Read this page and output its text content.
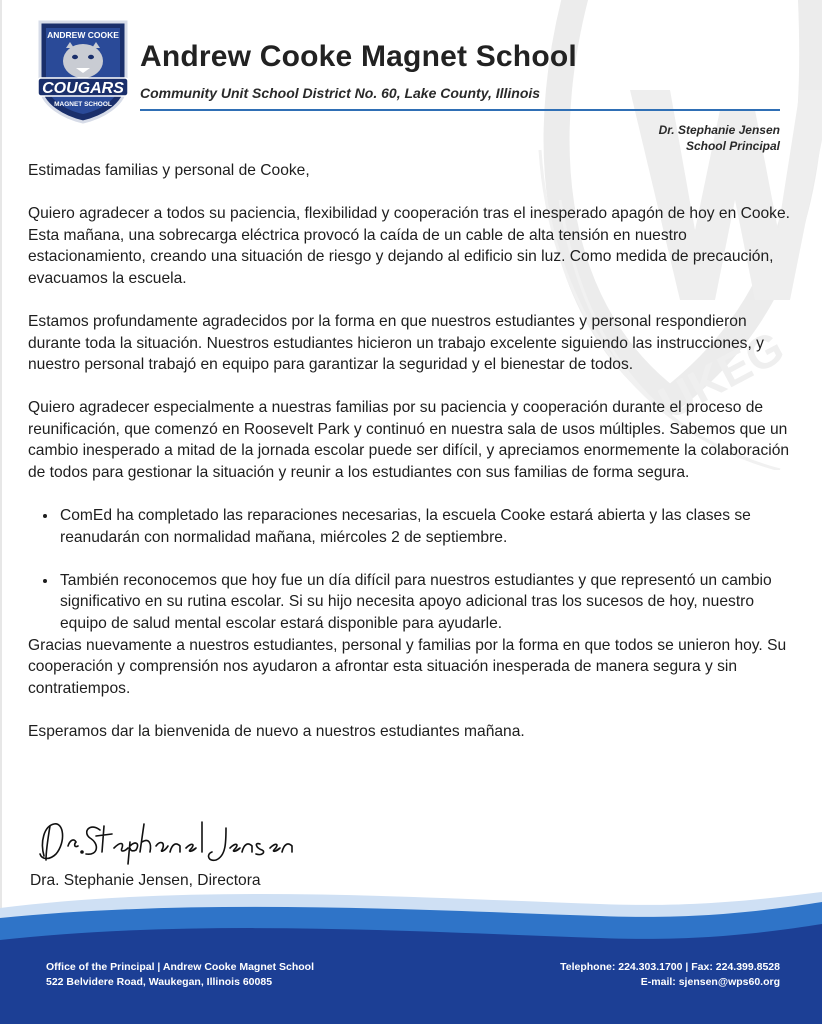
UKEG
ANDREW COOKE
COUGARS
MAGNET SCHOOL
Andrew Cooke Magnet School

Community Unit School District No. 60, Lake County, Illinois

Dr. Stephanie Jensen
School Principal

Estimadas familias y personal de Cooke,

Quiero agradecer a todos su paciencia, flexibilidad y cooperación tras el inesperado apagón de hoy en Cooke. Esta mañana, una sobrecarga eléctrica provocó la caída de un cable de alta tensión en nuestro estacionamiento, creando una situación de riesgo y dejando al edificio sin luz. Como medida de precaución, evacuamos la escuela.

Estamos profundamente agradecidos por la forma en que nuestros estudiantes y personal respondieron durante toda la situación. Nuestros estudiantes hicieron un trabajo excelente siguiendo las instrucciones, y nuestro personal trabajó en equipo para garantizar la seguridad y el bienestar de todos.

Quiero agradecer especialmente a nuestras familias por su paciencia y cooperación durante el proceso de reunificación, que comenzó en Roosevelt Park y continuó en nuestra sala de usos múltiples. Sabemos que un cambio inesperado a mitad de la jornada escolar puede ser difícil, y apreciamos enormemente la colaboración de todos para gestionar la situación y reunir a los estudiantes con sus familias de forma segura.

• ComEd ha completado las reparaciones necesarias, la escuela Cooke estará abierta y las clases se reanudarán con normalidad mañana, miércoles 2 de septiembre.
• También reconocemos que hoy fue un día difícil para nuestros estudiantes y que representó un cambio significativo en su rutina escolar. Si su hijo necesita apoyo adicional tras los sucesos de hoy, nuestro equipo de salud mental escolar estará disponible para ayudarle.

Gracias nuevamente a nuestros estudiantes, personal y familias por la forma en que todos se unieron hoy. Su cooperación y comprensión nos ayudaron a afrontar esta situación inesperada de manera segura y sin contratiempos.

Esperamos dar la bienvenida de nuevo a nuestros estudiantes mañana.

Dra. Stephanie Jensen, Directora
Office of the Principal | Andrew Cooke Magnet School
522 Belvidere Road, Waukegan, Illinois 60085
Telephone: 224.303.1700 | Fax: 224.399.8528
E-mail: sjensen@wps60.org
